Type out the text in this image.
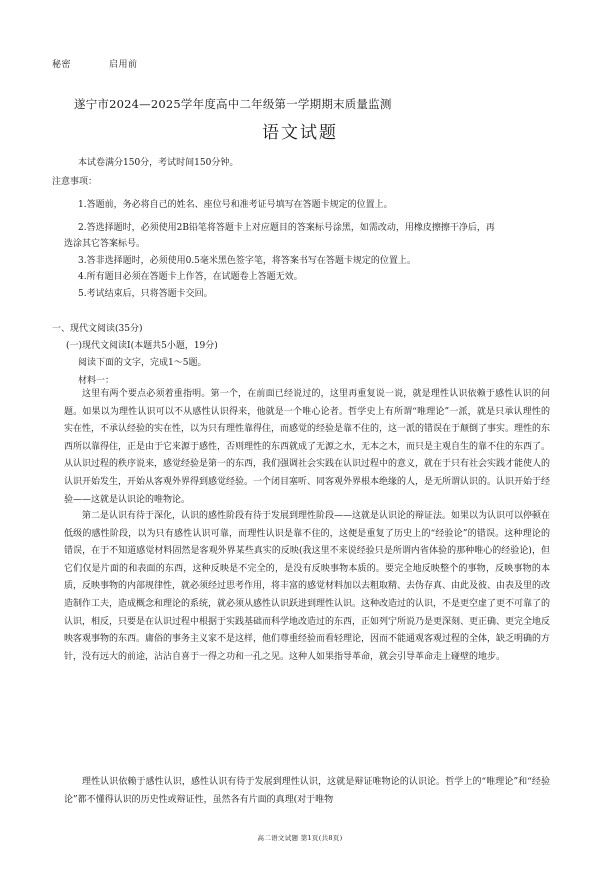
秘密	启用前
遂宁市2024—2025学年度高中二年级第一学期期末质量监测
语文试题
本试卷满分150分，考试时间150分钟。
注意事项：
1.答题前，务必将自己的姓名、座位号和准考证号填写在答题卡规定的位置上。
2.答选择题时，必须使用2B铅笔将答题卡上对应题目的答案标号涂黑，如需改动，用橡皮擦擦干净后，再
选涂其它答案标号。
3.答非选择题时，必须使用0.5毫米黑色签字笔，将答案书写在答题卡规定的位置上。
4.所有题目必须在答题卡上作答，在试题卷上答题无效。
5.考试结束后，只将答题卡交回。
一、现代文阅读(35分)
(一)现代文阅读Ⅰ(本题共5小题，19分)
阅读下面的文字，完成1～5题。
材料一：
这里有两个要点必须着重指明。第一个，在前面已经说过的，这里再重复说一说，就是理性认识依赖于感性认识的问题。如果以为理性认识可以不从感性认识得来，他就是一个唯心论者。哲学史上有所谓“唯理论”一派，就是只承认理性的实在性，不承认经验的实在性，以为只有理性靠得住，而感觉的经验是靠不住的，这一派的错误在于颠倒了事实。理性的东西所以靠得住，正是由于它来源于感性，否则理性的东西就成了无源之水，无本之木，而只是主观自生的靠不住的东西了。从认识过程的秩序说来，感觉经验是第一的东西，我们强调社会实践在认识过程中的意义，就在于只有社会实践才能使人的认识开始发生，开始从客观外界得到感觉经验。一个闭目塞听、同客观外界根本绝缘的人，是无所谓认识的。认识开始于经验——这就是认识论的唯物论。
第二是认识有待于深化，认识的感性阶段有待于发展到理性阶段——这就是认识论的辩证法。如果以为认识可以停顿在低级的感性阶段，以为只有感性认识可靠，而理性认识是靠不住的，这便是重复了历史上的“经验论”的错误。这种理论的错误，在于不知道感觉材料固然是客观外界某些真实的反映(我这里不来说经验只是所谓内省体验的那种唯心的经验论)，但它们仅是片面的和表面的东西，这种反映是不完全的，是没有反映事物本质的。要完全地反映整个的事物，反映事物的本质，反映事物的内部规律性，就必须经过思考作用，将丰富的感觉材料加以去粗取精、去伪存真、由此及彼、由表及里的改造制作工夫，造成概念和理论的系统，就必须从感性认识跃进到理性认识。这种改造过的认识，不是更空虚了更不可靠了的认识，相反，只要是在认识过程中根据于实践基础而科学地改造过的东西，正如列宁所说乃是更深刻、更正确、更完全地反映客观事物的东西。庸俗的事务主义家不是这样，他们尊重经验而看轻理论，因而不能通观客观过程的全体，缺乏明确的方针，没有远大的前途，沾沾自喜于一得之功和一孔之见。这种人如果指导革命，就会引导革命走上碰壁的地步。
理性认识依赖于感性认识，感性认识有待于发展到理性认识，这就是辩证唯物论的认识论。哲学上的“唯理论”和“经验论”都不懂得认识的历史性或辩证性，虽然各有片面的真理(对于唯物
高二语文试题 第1页(共8页)
